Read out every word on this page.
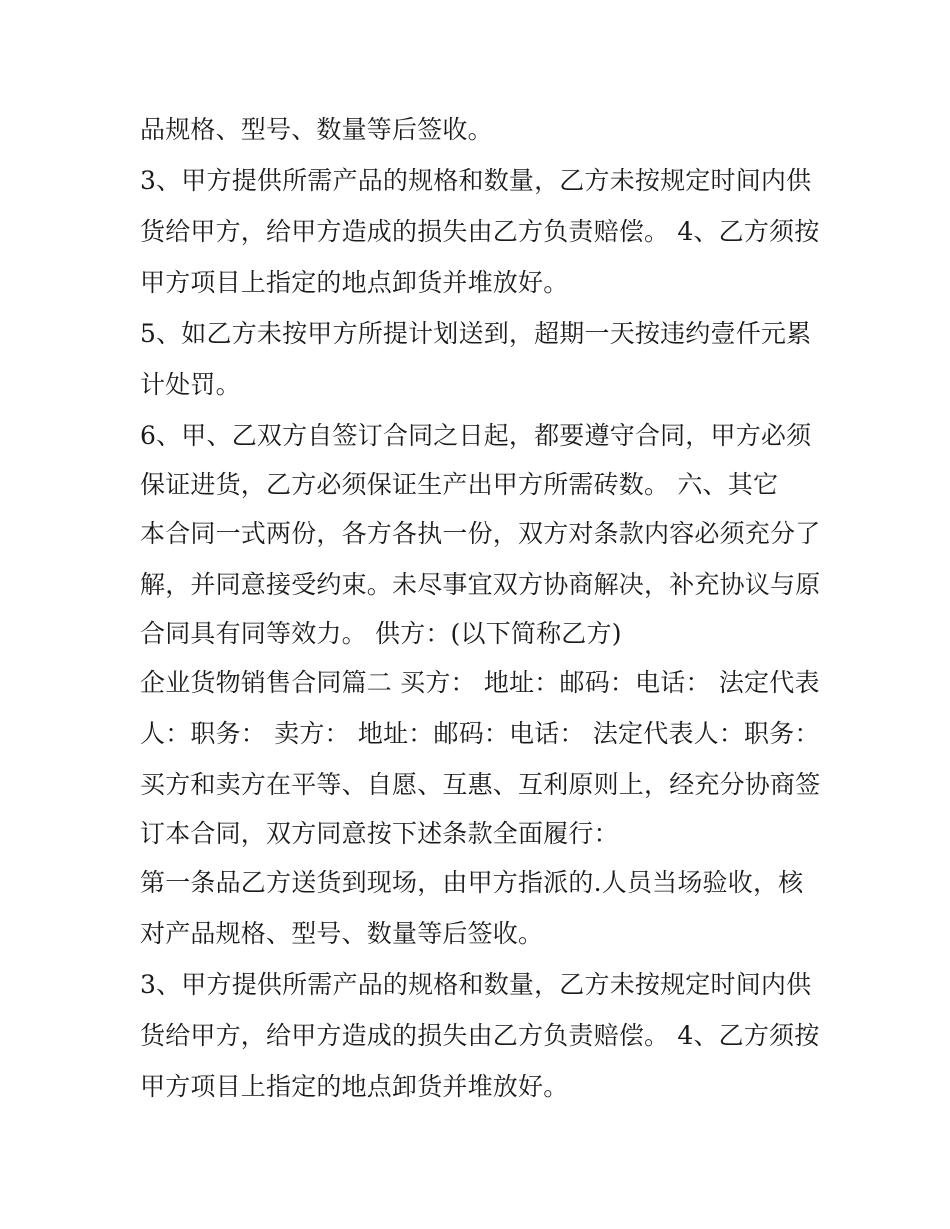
品规格、型号、数量等后签收。
3、甲方提供所需产品的规格和数量，乙方未按规定时间内供
货给甲方，给甲方造成的损失由乙方负责赔偿。 4、乙方须按
甲方项目上指定的地点卸货并堆放好。
5、如乙方未按甲方所提计划送到，超期一天按违约壹仟元累
计处罚。
6、甲、乙双方自签订合同之日起，都要遵守合同，甲方必须
保证进货，乙方必须保证生产出甲方所需砖数。 六、其它
本合同一式两份，各方各执一份，双方对条款内容必须充分了
解，并同意接受约束。未尽事宜双方协商解决，补充协议与原
合同具有同等效力。 供方：(以下简称乙方)
企业货物销售合同篇二 买方： 地址：邮码：电话： 法定代表
人：职务： 卖方： 地址：邮码：电话： 法定代表人：职务：
买方和卖方在平等、自愿、互惠、互利原则上，经充分协商签
订本合同，双方同意按下述条款全面履行：
第一条品乙方送货到现场，由甲方指派的.人员当场验收，核
对产品规格、型号、数量等后签收。
3、甲方提供所需产品的规格和数量，乙方未按规定时间内供
货给甲方，给甲方造成的损失由乙方负责赔偿。 4、乙方须按
甲方项目上指定的地点卸货并堆放好。
